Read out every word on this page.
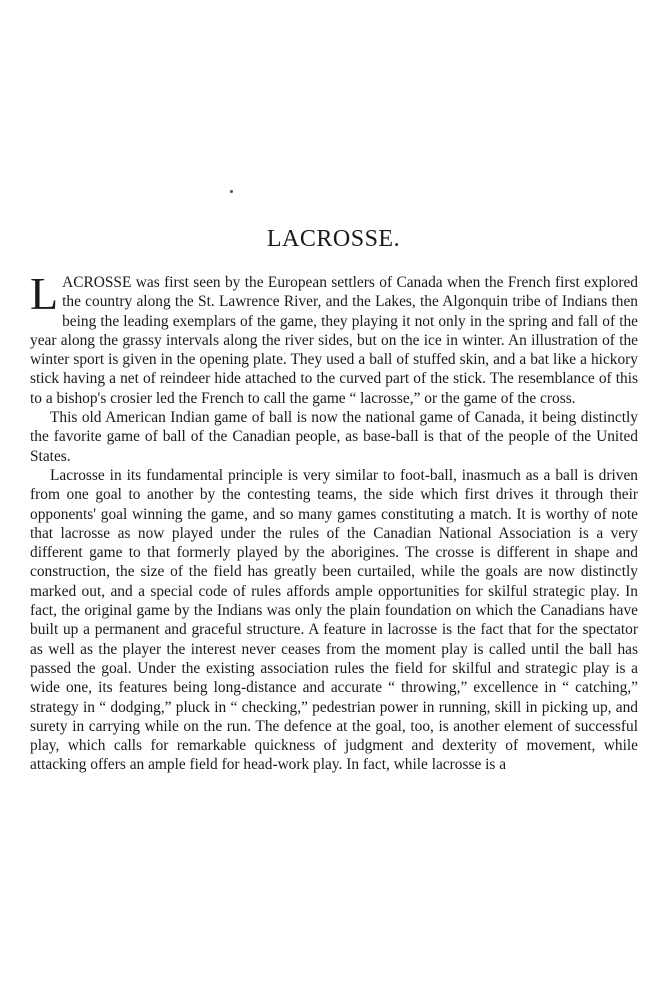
LACROSSE.

LACROSSE was first seen by the European settlers of Canada when the French first explored the country along the St. Lawrence River, and the Lakes, the Algonquin tribe of Indians then being the leading exemplars of the game, they playing it not only in the spring and fall of the year along the grassy intervals along the river sides, but on the ice in winter. An illustration of the winter sport is given in the opening plate. They used a ball of stuffed skin, and a bat like a hickory stick having a net of reindeer hide attached to the curved part of the stick. The resemblance of this to a bishop's crosier led the French to call the game “ lacrosse,” or the game of the cross.

This old American Indian game of ball is now the national game of Canada, it being distinctly the favorite game of ball of the Canadian people, as base-ball is that of the people of the United States.

Lacrosse in its fundamental principle is very similar to foot-ball, inasmuch as a ball is driven from one goal to another by the contesting teams, the side which first drives it through their opponents' goal winning the game, and so many games constituting a match. It is worthy of note that lacrosse as now played under the rules of the Canadian National Association is a very different game to that formerly played by the aborigines. The crosse is different in shape and construction, the size of the field has greatly been curtailed, while the goals are now distinctly marked out, and a special code of rules affords ample opportunities for skilful strategic play. In fact, the original game by the Indians was only the plain foundation on which the Canadians have built up a permanent and graceful structure. A feature in lacrosse is the fact that for the spectator as well as the player the interest never ceases from the moment play is called until the ball has passed the goal. Under the existing association rules the field for skilful and strategic play is a wide one, its features being long-distance and accurate “ throwing,” excellence in “ catching,” strategy in “ dodging,” pluck in “ checking,” pedestrian power in running, skill in picking up, and surety in carrying while on the run. The defence at the goal, too, is another element of successful play, which calls for remarkable quickness of judgment and dexterity of movement, while attacking offers an ample field for head-work play. In fact, while lacrosse is a
